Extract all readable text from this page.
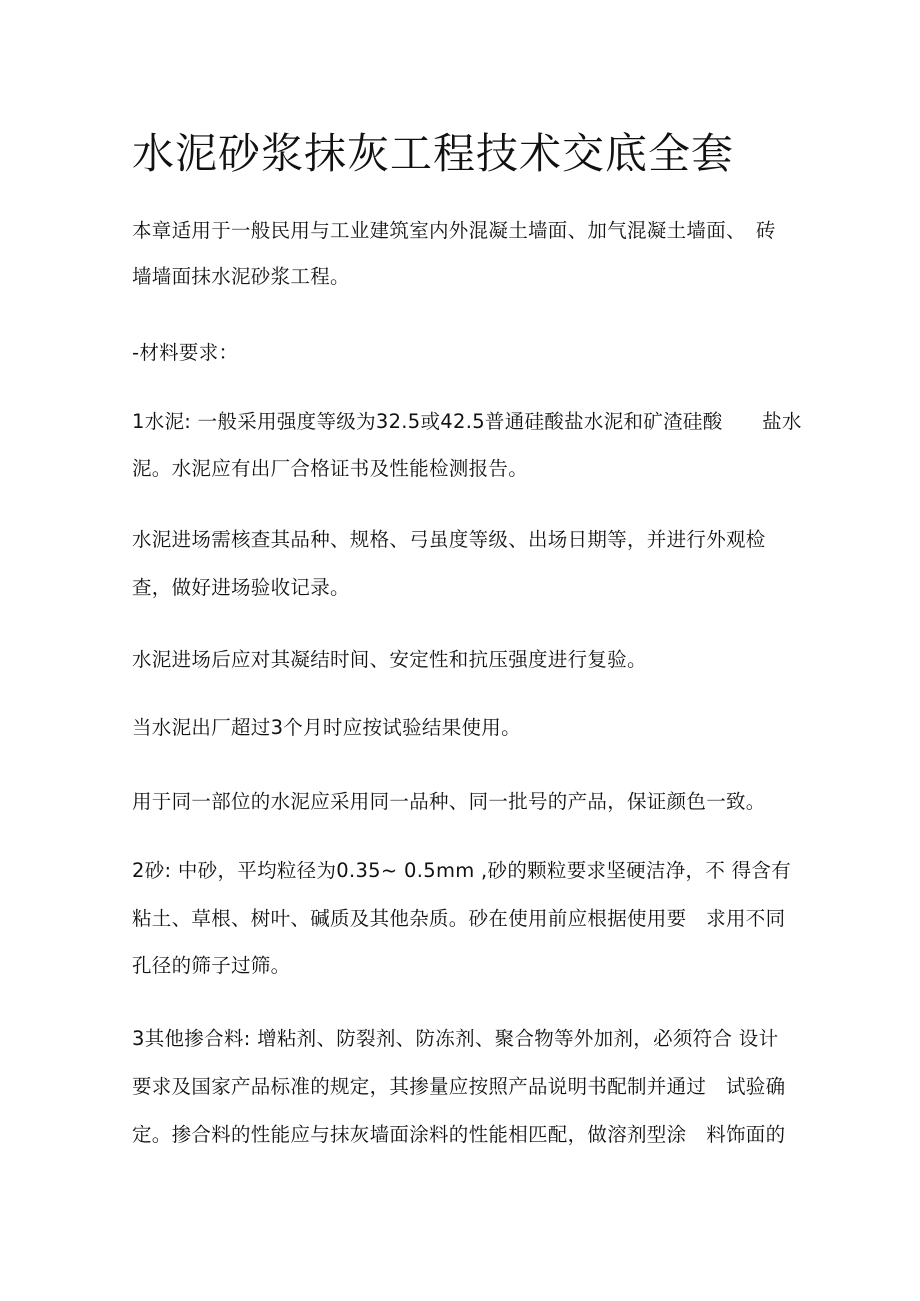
水泥砂浆抹灰工程技术交底全套

本章适用于一般民用与工业建筑室内外混凝土墙面、加气混凝土墙面、　砖

墙墙面抹水泥砂浆工程。

-材料要求：

1水泥: 一般采用强度等级为32.5或42.5普通硅酸盐水泥和矿渣硅酸　　盐水

泥。水泥应有出厂合格证书及性能检测报告。

水泥进场需核查其品种、规格、弓虽度等级、出场日期等，并进行外观检

查，做好进场验收记录。

水泥进场后应对其凝结时间、安定性和抗压强度进行复验。

当水泥出厂超过3个月时应按试验结果使用。

用于同一部位的水泥应采用同一品种、同一批号的产品，保证颜色一致。

2砂: 中砂，平均粒径为0.35~ 0.5mm ,砂的颗粒要求坚硬洁净，不 得含有

粘土、草根、树叶、碱质及其他杂质。砂在使用前应根据使用要　求用不同

孔径的筛子过筛。

3其他掺合料: 增粘剂、防裂剂、防冻剂、聚合物等外加剂，必须符合 设计

要求及国家产品标准的规定，其掺量应按照产品说明书配制并通过　试验确

定。掺合料的性能应与抹灰墙面涂料的性能相匹配，做溶剂型涂　料饰面的
